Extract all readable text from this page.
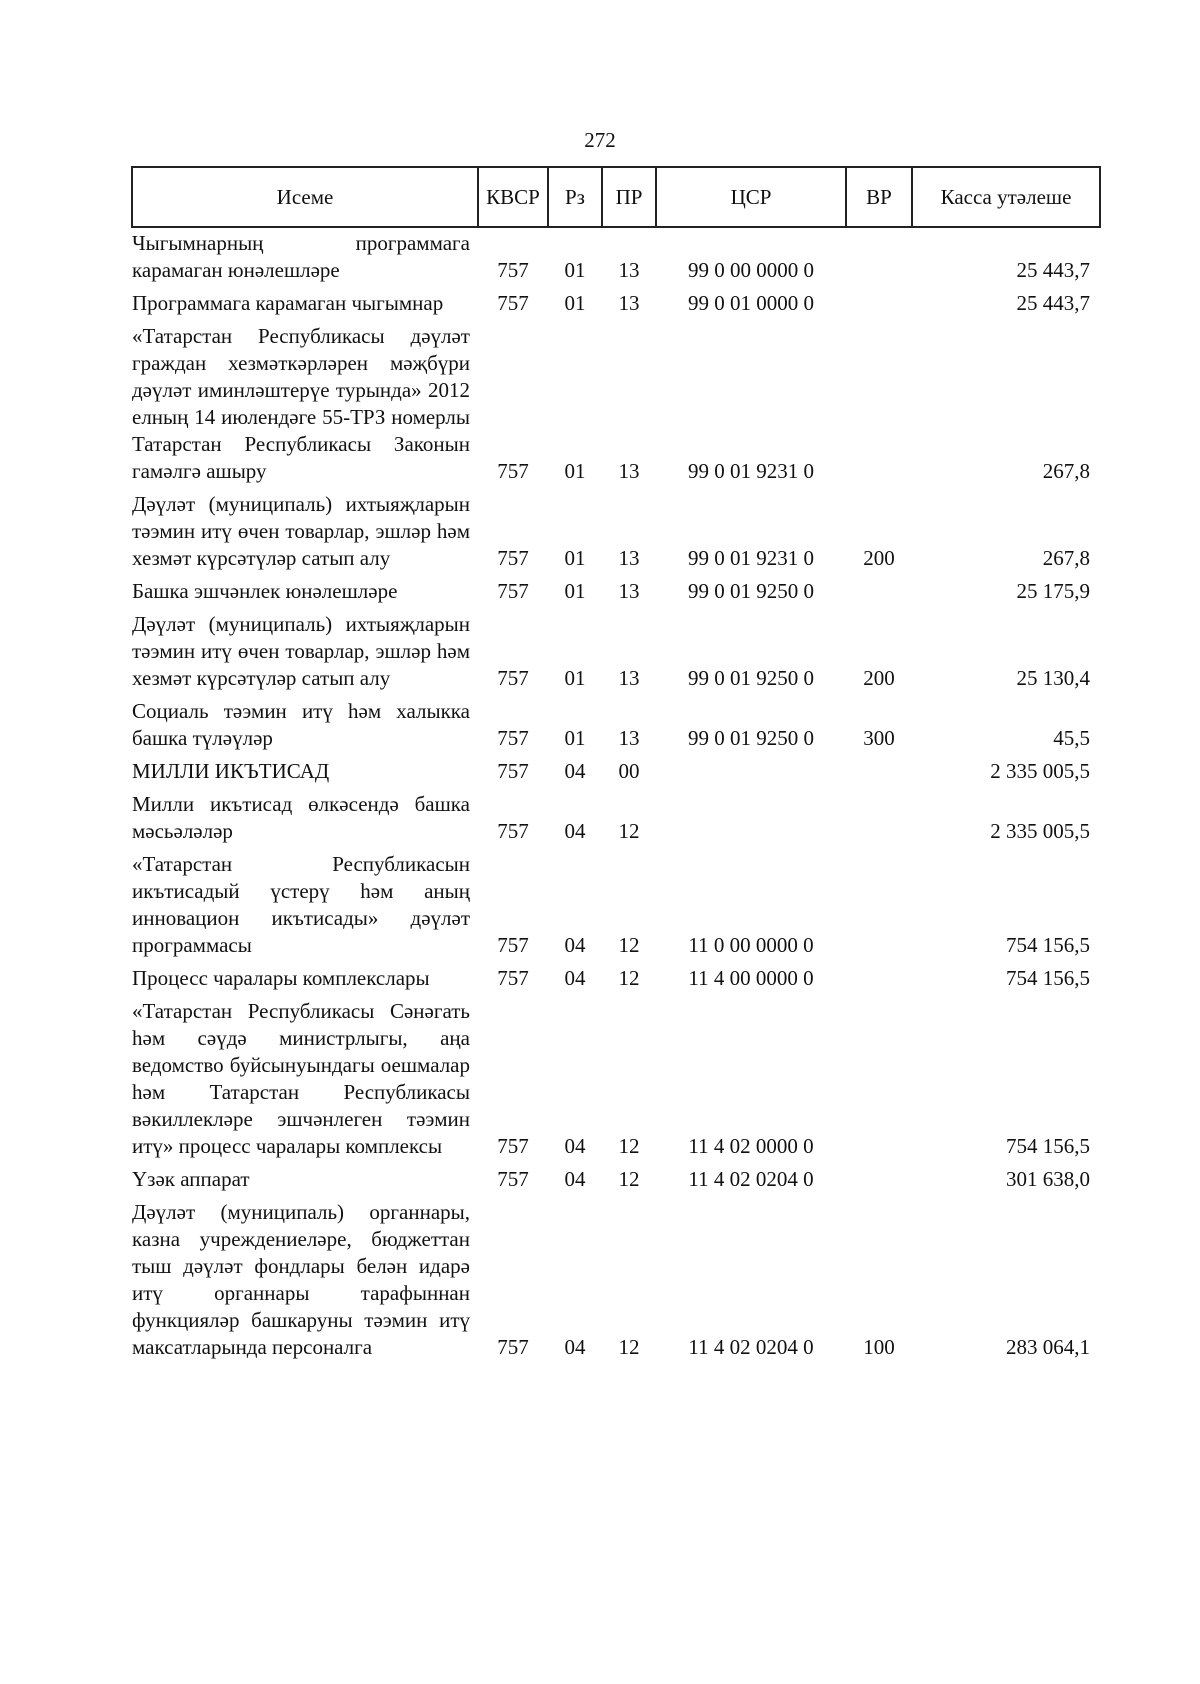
272
Исеме	КВСР	Рз	ПР	ЦСР	ВР	Касса утәлеше
Чыгымнарның программага карамаган юнәлешләре	757	01	13	99 0 00 0000 0		25 443,7
Программага карамаган чыгымнар	757	01	13	99 0 01 0000 0		25 443,7
«Татарстан Республикасы дәүләт граждан хезмәткәрләрен мәҗбүри дәүләт иминләштерүе турында» 2012 елның 14 июлендәге 55-ТРЗ номерлы Татарстан Республикасы Законын гамәлгә ашыру	757	01	13	99 0 01 9231 0		267,8
Дәүләт (муниципаль) ихтыяҗларын тәэмин итү өчен товарлар, эшләр һәм хезмәт күрсәтүләр сатып алу	757	01	13	99 0 01 9231 0	200	267,8
Башка эшчәнлек юнәлешләре	757	01	13	99 0 01 9250 0		25 175,9
Дәүләт (муниципаль) ихтыяҗларын тәэмин итү өчен товарлар, эшләр һәм хезмәт күрсәтүләр сатып алу	757	01	13	99 0 01 9250 0	200	25 130,4
Социаль тәэмин итү һәм халыкка башка түләүләр	757	01	13	99 0 01 9250 0	300	45,5
МИЛЛИ ИКЪТИСАД	757	04	00			2 335 005,5
Милли икътисад өлкәсендә башка мәсьәләләр	757	04	12			2 335 005,5
«Татарстан Республикасын икътисадый үстерү һәм аның инновацион икътисады» дәүләт программасы	757	04	12	11 0 00 0000 0		754 156,5
Процесс чаралары комплекслары	757	04	12	11 4 00 0000 0		754 156,5
«Татарстан Республикасы Сәнәгать һәм сәүдә министрлыгы, аңа ведомство буйсынуындагы оешмалар һәм Татарстан Республикасы вәкиллекләре эшчәнлеген тәэмин итү» процесс чаралары комплексы	757	04	12	11 4 02 0000 0		754 156,5
Үзәк аппарат	757	04	12	11 4 02 0204 0		301 638,0
Дәүләт (муниципаль) органнары, казна учреждениеләре, бюджеттан тыш дәүләт фондлары белән идарә итү органнары тарафыннан функцияләр башкаруны тәэмин итү максатларында персоналга	757	04	12	11 4 02 0204 0	100	283 064,1
